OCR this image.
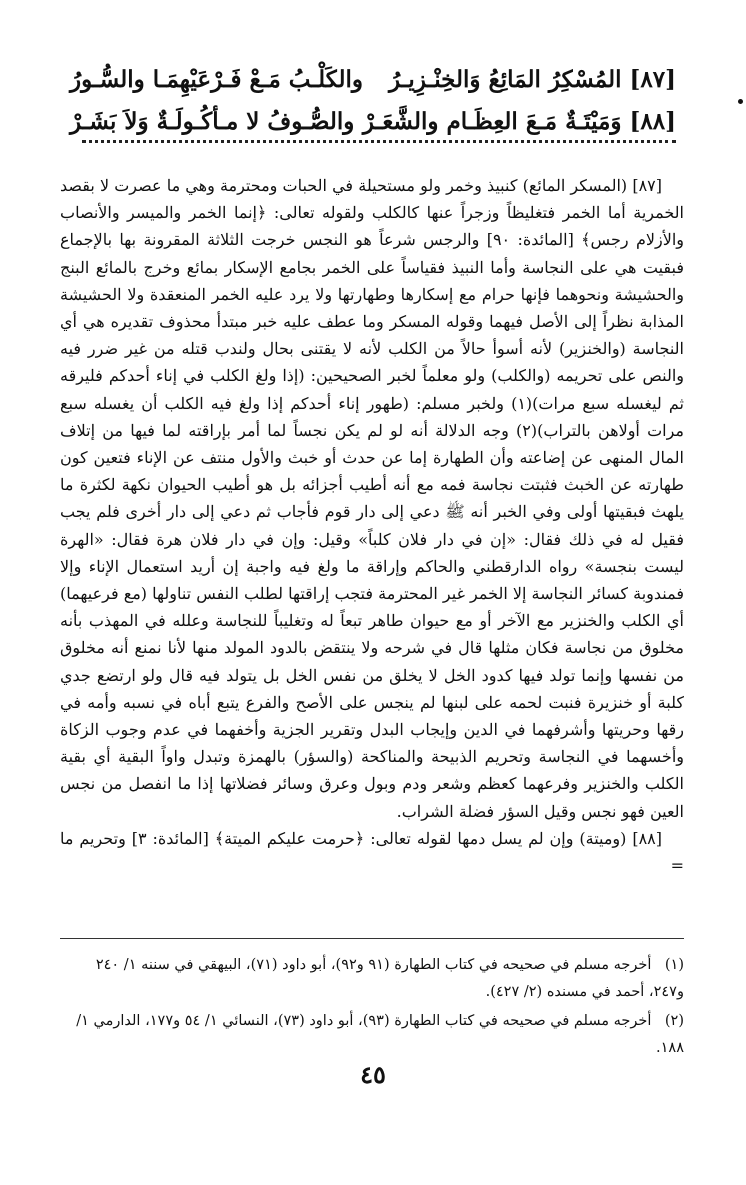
[٨٧] المُسْكِرُ المَائِعُ وَالخِنْـزِيـرُ
والكَلْـبُ مَـعْ فَـرْعَيْهِمَـا والسُّـورُ
[٨٨] وَمَيْتَـةٌ مَـعَ العِظَـام والشَّعَـرْ
والصُّـوفُ لا مـأكُـولَـةٌ وَلاَ بَشَـرْ

[٨٧] (المسكر المائع) كنبيذ وخمر ولو مستحيلة في الحبات ومحترمة وهي ما عصرت لا بقصد الخمرية أما الخمر فتغليظاً وزجراً عنها كالكلب ولقوله تعالى: ﴿إنما الخمر والميسر والأنصاب والأزلام رجس﴾ [المائدة: ٩٠] والرجس شرعاً هو النجس خرجت الثلاثة المقرونة بها بالإجماع فبقيت هي على النجاسة وأما النبيذ فقياساً على الخمر بجامع الإسكار بمائع وخرج بالمائع البنج والحشيشة ونحوهما فإنها حرام مع إسكارها وطهارتها ولا يرد عليه الخمر المنعقدة ولا الحشيشة المذابة نظراً إلى الأصل فيهما وقوله المسكر وما عطف عليه خبر مبتدأ محذوف تقديره هي أي النجاسة (والخنزير) لأنه أسوأ حالاً من الكلب لأنه لا يقتنى بحال ولندب قتله من غير ضرر فيه والنص على تحريمه (والكلب) ولو معلماً لخبر الصحيحين: (إذا ولغ الكلب في إناء أحدكم فليرقه ثم ليغسله سبع مرات)(١) ولخبر مسلم: (طهور إناء أحدكم إذا ولغ فيه الكلب أن يغسله سبع مرات أولاهن بالتراب)(٢) وجه الدلالة أنه لو لم يكن نجساً لما أمر بإراقته لما فيها من إتلاف المال المنهى عن إضاعته وأن الطهارة إما عن حدث أو خبث والأول منتف عن الإناء فتعين كون طهارته عن الخبث فثبتت نجاسة فمه مع أنه أطيب أجزائه بل هو أطيب الحيوان نكهة لكثرة ما يلهث فبقيتها أولى وفي الخبر أنه ﷺ دعي إلى دار قوم فأجاب ثم دعي إلى دار أخرى فلم يجب فقيل له في ذلك فقال: «إن في دار فلان كلباً» وقيل: وإن في دار فلان هرة فقال: «الهرة ليست بنجسة» رواه الدارقطني والحاكم وإراقة ما ولغ فيه واجبة إن أريد استعمال الإناء وإلا فمندوبة كسائر النجاسة إلا الخمر غير المحترمة فتجب إراقتها لطلب النفس تناولها (مع فرعيهما) أي الكلب والخنزير مع الآخر أو مع حيوان طاهر تبعاً له وتغليباً للنجاسة وعلله في المهذب بأنه مخلوق من نجاسة فكان مثلها قال في شرحه ولا ينتقض بالدود المولد منها لأنا نمنع أنه مخلوق من نفسها وإنما تولد فيها كدود الخل لا يخلق من نفس الخل بل يتولد فيه قال ولو ارتضع جدي كلبة أو خنزيرة فنبت لحمه على لبنها لم ينجس على الأصح والفرع يتبع أباه في نسبه وأمه في رقها وحريتها وأشرفهما في الدين وإيجاب البدل وتقرير الجزية وأخفهما في عدم وجوب الزكاة وأخسهما في النجاسة وتحريم الذبيحة والمناكحة (والسؤر) بالهمزة وتبدل واواً البقية أي بقية الكلب والخنزير وفرعهما كعظم وشعر ودم وبول وعرق وسائر فضلاتها إذا ما انفصل من نجس العين فهو نجس وقيل السؤر فضلة الشراب.

[٨٨] (وميتة) وإن لم يسل دمها لقوله تعالى: ﴿حرمت عليكم الميتة﴾ [المائدة: ٣] وتحريم ما =

(١) أخرجه مسلم في صحيحه في كتاب الطهارة (٩١ و٩٢)، أبو داود (٧١)، البيهقي في سننه ١/ ٢٤٠ و٢٤٧، أحمد في مسنده (٢/ ٤٢٧).

(٢) أخرجه مسلم في صحيحه في كتاب الطهارة (٩٣)، أبو داود (٧٣)، النسائي ١/ ٥٤ و١٧٧، الدارمي ١/ ١٨٨.

٤٥
